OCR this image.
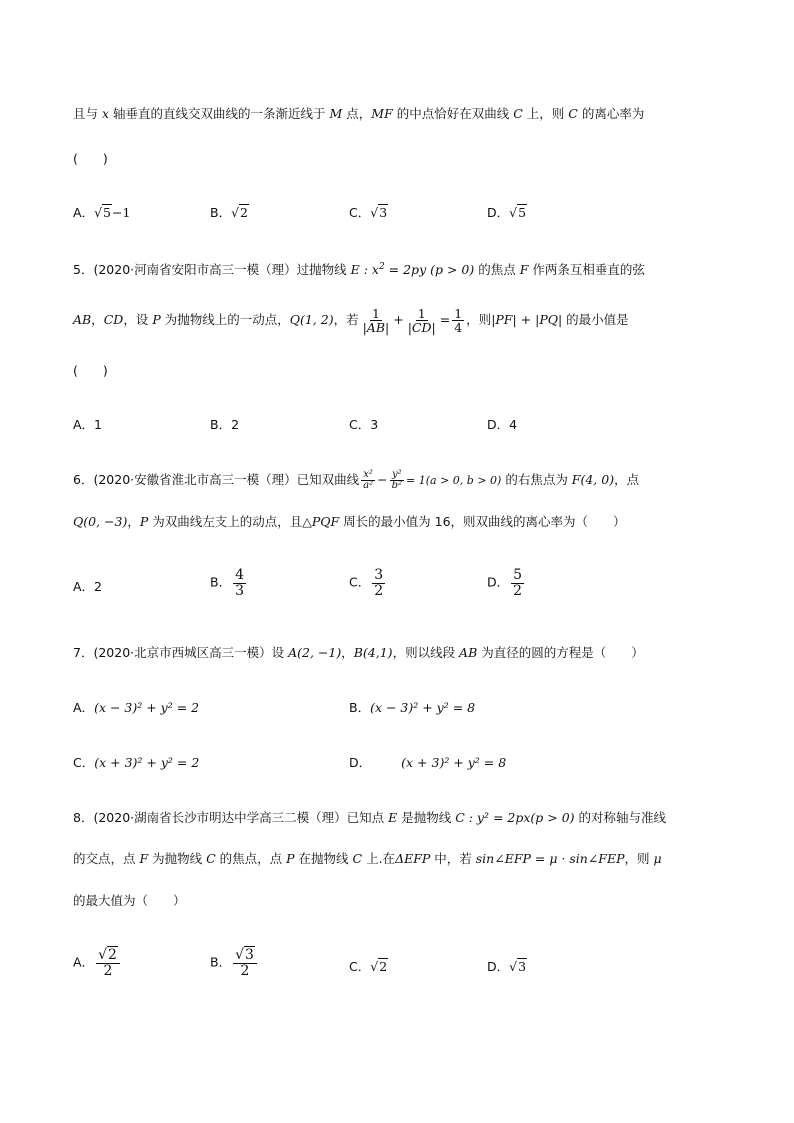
且与 x 轴垂直的直线交双曲线的一条渐近线于 M 点，MF 的中点恰好在双曲线 C 上，则 C 的离心率为
(　　)
A．√5−1	B．√2	C．√3	D．√5
5．(2020·河南省安阳市高三一模（理）过抛物线 E : $x^2 = 2py$ (p > 0) 的焦点 F 作两条互相垂直的弦
AB，CD，设 P 为抛物线上的一动点，Q(1, 2)，若 $\frac{1}{|AB|} + \frac{1}{|CD|} = \frac{1}{4}$ ，则|PF| + |PQ| 的最小值是
(　　)
A．1	B．2	C．3	D．4
6．(2020·安徽省淮北市高三一模（理）已知双曲线 $\frac{\text{x²}}{\text{a²}} - \frac{\text{y²}}{\text{b²}} = 1(a > 0$, b > 0) 的右焦点为 F(4, 0)，点
Q(0, −3)，P 为双曲线左支上的动点，且△PQF 周长的最小值为 16，则双曲线的离心率为（　　）
A．2	B． $\frac{4}{3}$	C． $\frac{3}{2}$	D． $\frac{5}{2}$
7．(2020·北京市西城区高三一模）设 A(2, −1)，B(4,1)，则以线段 AB 为直径的圆的方程是（　　）
A．(x − 3)² + y² = 2	B．(x − 3)² + y² = 8
C．(x + 3)² + y² = 2	D． (x + 3)² + y² = 8
8．(2020·湖南省长沙市明达中学高三二模（理）已知点 E 是抛物线 C : y² = 2px(p > 0) 的对称轴与准线
的交点，点 F 为抛物线 C 的焦点，点 P 在抛物线 C 上.在ΔEFP 中，若 sin∠EFP = μ · sin∠FEP，则 μ
的最大值为（　　）
A． $\frac{√2}{2}$	B． $\frac{√3}{2}$	C．√2	D．√3
